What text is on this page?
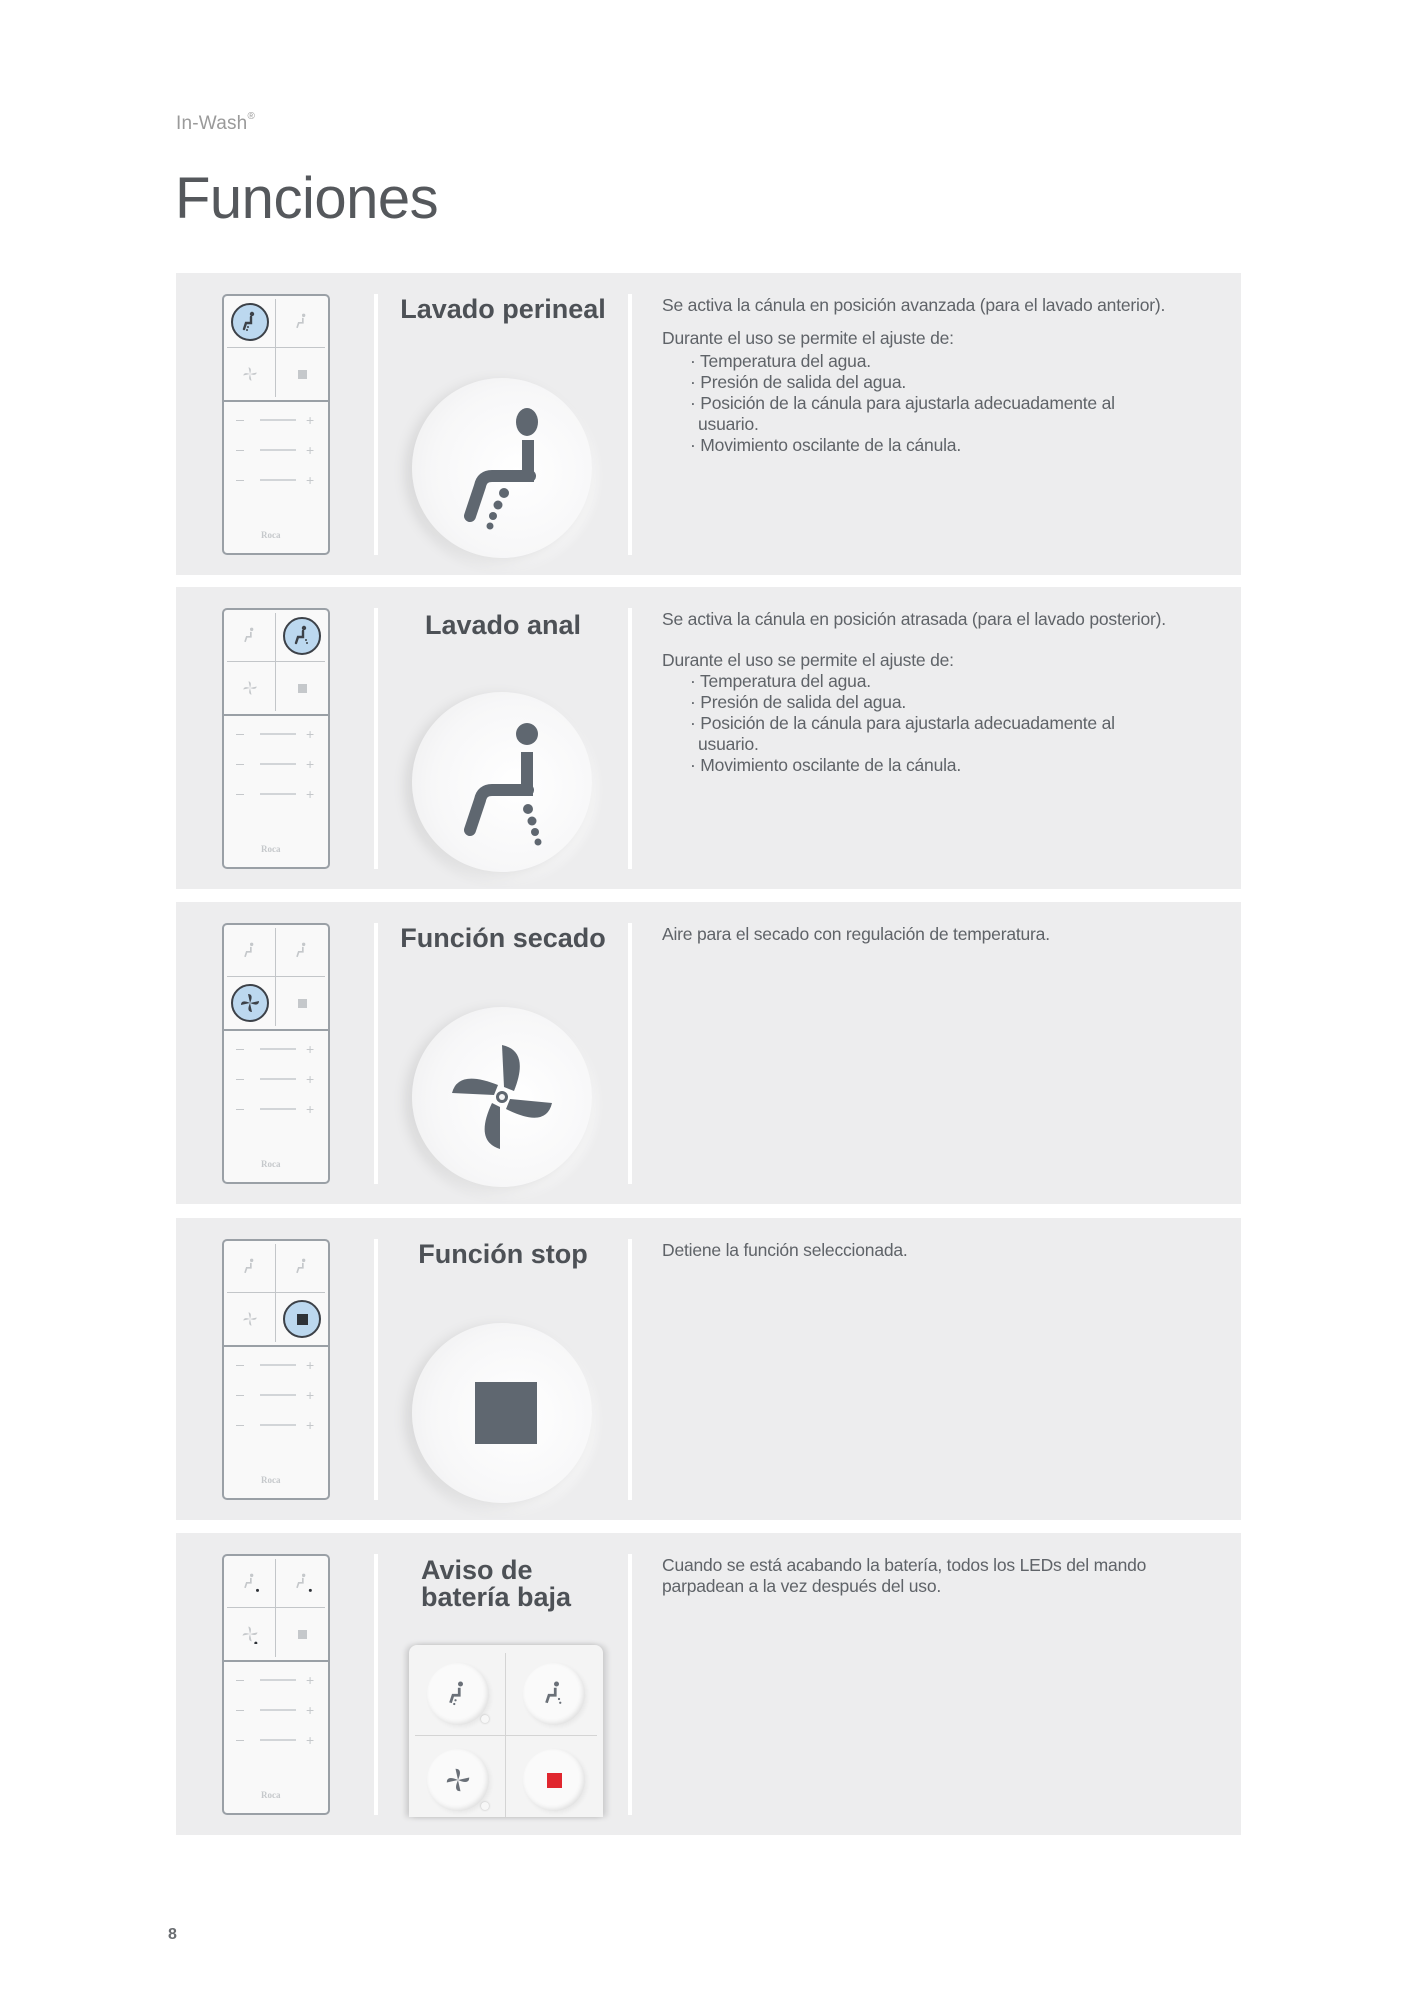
In-Wash®
Funciones
+
+
+
Roca
Lavado perineal	Se activa la cánula en posición avanzada (para el lavado anterior).
Durante el uso se permite el ajuste de:
· Temperatura del agua.
· Presión de salida del agua.
· Posición de la cánula para ajustarla adecuadamente al usuario.
· Movimiento oscilante de la cánula.
+
+
+
Roca
Lavado anal	Se activa la cánula en posición atrasada (para el lavado posterior).
Durante el uso se permite el ajuste de:
· Temperatura del agua.
· Presión de salida del agua.
· Posición de la cánula para ajustarla adecuadamente al usuario.
· Movimiento oscilante de la cánula.
+
+
+
Roca
Función secado	Aire para el secado con regulación de temperatura.
+
+
+
Roca
Función stop	Detiene la función seleccionada.
+
+
+
Roca
Aviso de
batería baja
Cuando se está acabando la batería, todos los LEDs del mando parpadean a la vez después del uso.
8
